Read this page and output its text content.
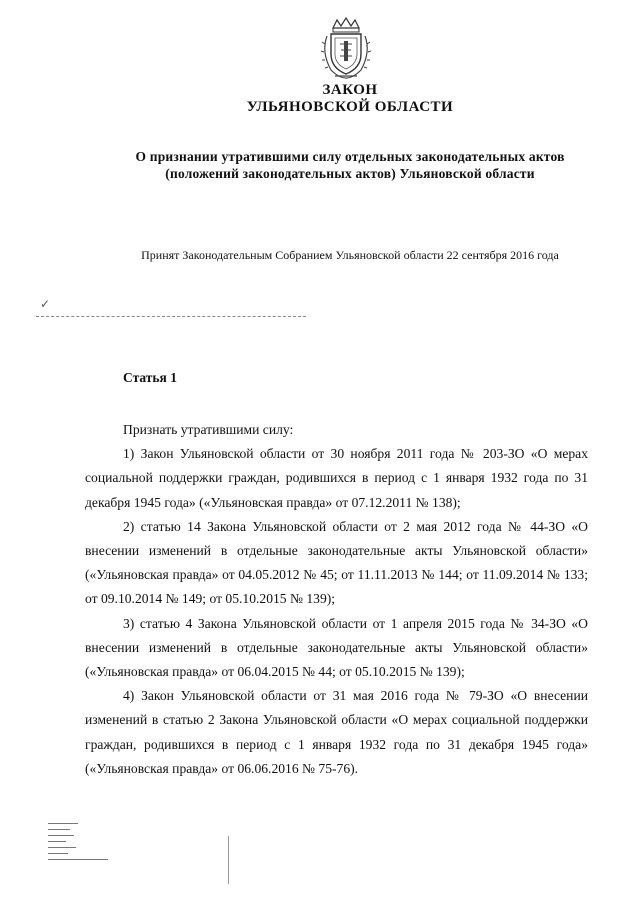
ЗАКОН
УЛЬЯНОВСКОЙ ОБЛАСТИ
О признании утратившими силу отдельных законодательных актов
(положений законодательных актов) Ульяновской области
Принят Законодательным Собранием Ульяновской области 22 сентября 2016 года
✓
Статья 1

Признать утратившими силу:

1) Закон Ульяновской области от 30 ноября 2011 года № 203-ЗО «О мерах социальной поддержки граждан, родившихся в период с 1 января 1932 года по 31 декабря 1945 года» («Ульяновская правда» от 07.12.2011 № 138);

2) статью 14 Закона Ульяновской области от 2 мая 2012 года № 44-ЗО «О внесении изменений в отдельные законодательные акты Ульяновской области» («Ульяновская правда» от 04.05.2012 № 45; от 11.11.2013 № 144; от 11.09.2014 № 133; от 09.10.2014 № 149; от 05.10.2015 № 139);

3) статью 4 Закона Ульяновской области от 1 апреля 2015 года № 34-ЗО «О внесении изменений в отдельные законодательные акты Ульяновской области» («Ульяновская правда» от 06.04.2015 № 44; от 05.10.2015 № 139);

4) Закон Ульяновской области от 31 мая 2016 года № 79-ЗО «О внесении изменений в статью 2 Закона Ульяновской области «О мерах социальной поддержки граждан, родившихся в период с 1 января 1932 года по 31 декабря 1945 года» («Ульяновская правда» от 06.06.2016 № 75-76).
